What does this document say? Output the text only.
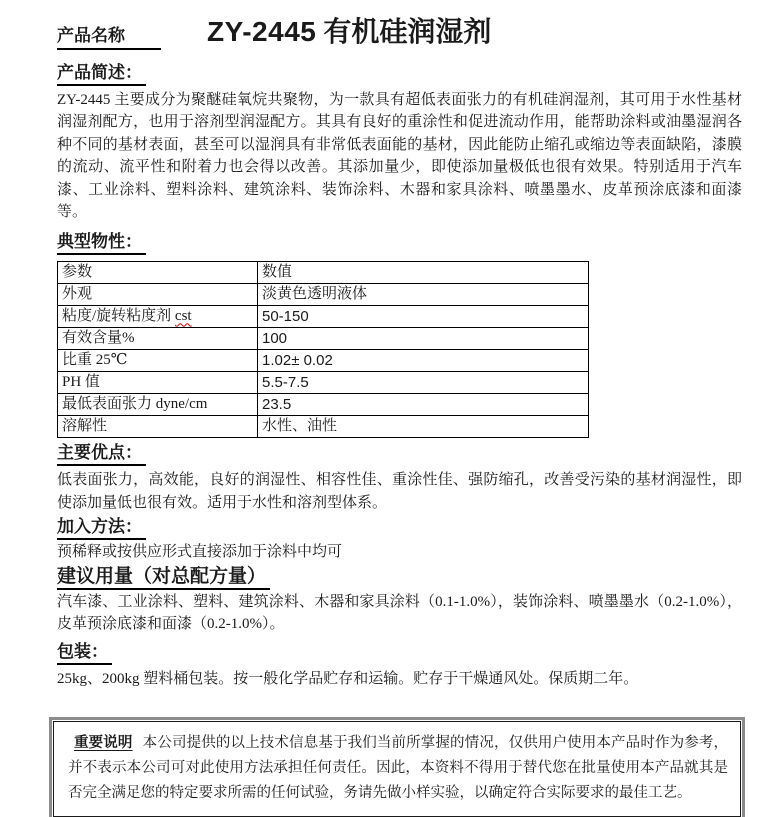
产品名称	ZY-2445 有机硅润湿剂
产品简述：
ZY-2445 主要成分为聚醚硅氧烷共聚物，为一款具有超低表面张力的有机硅润湿剂，其可用于水性基材润湿剂配方，也用于溶剂型润湿配方。其具有良好的重涂性和促进流动作用，能帮助涂料或油墨湿润各种不同的基材表面，甚至可以湿润具有非常低表面能的基材，因此能防止缩孔或缩边等表面缺陷，漆膜的流动、流平性和附着力也会得以改善。其添加量少，即使添加量极低也很有效果。特别适用于汽车漆、工业涂料、塑料涂料、建筑涂料、装饰涂料、木器和家具涂料、喷墨墨水、皮革预涂底漆和面漆等。
典型物性：
参数	数值
外观	淡黄色透明液体
粘度/旋转粘度剂 cst	50-150
有效含量%	100
比重 25℃	1.02± 0.02
PH 值	5.5-7.5
最低表面张力 dyne/cm	23.5
溶解性	水性、油性
主要优点：
低表面张力，高效能，良好的润湿性、相容性佳、重涂性佳、强防缩孔，改善受污染的基材润湿性，即使添加量低也很有效。适用于水性和溶剂型体系。
加入方法：
预稀释或按供应形式直接添加于涂料中均可
建议用量（对总配方量）
汽车漆、工业涂料、塑料、建筑涂料、木器和家具涂料（0.1-1.0%），装饰涂料、喷墨墨水（0.2-1.0%），皮革预涂底漆和面漆（0.2-1.0%）。
包装：
25kg、200kg 塑料桶包装。按一般化学品贮存和运输。贮存于干燥通风处。保质期二年。
重要说明 本公司提供的以上技术信息基于我们当前所掌握的情况，仅供用户使用本产品时作为参考，并不表示本公司可对此使用方法承担任何责任。因此，本资料不得用于替代您在批量使用本产品就其是否完全满足您的特定要求所需的任何试验，务请先做小样实验，以确定符合实际要求的最佳工艺。
